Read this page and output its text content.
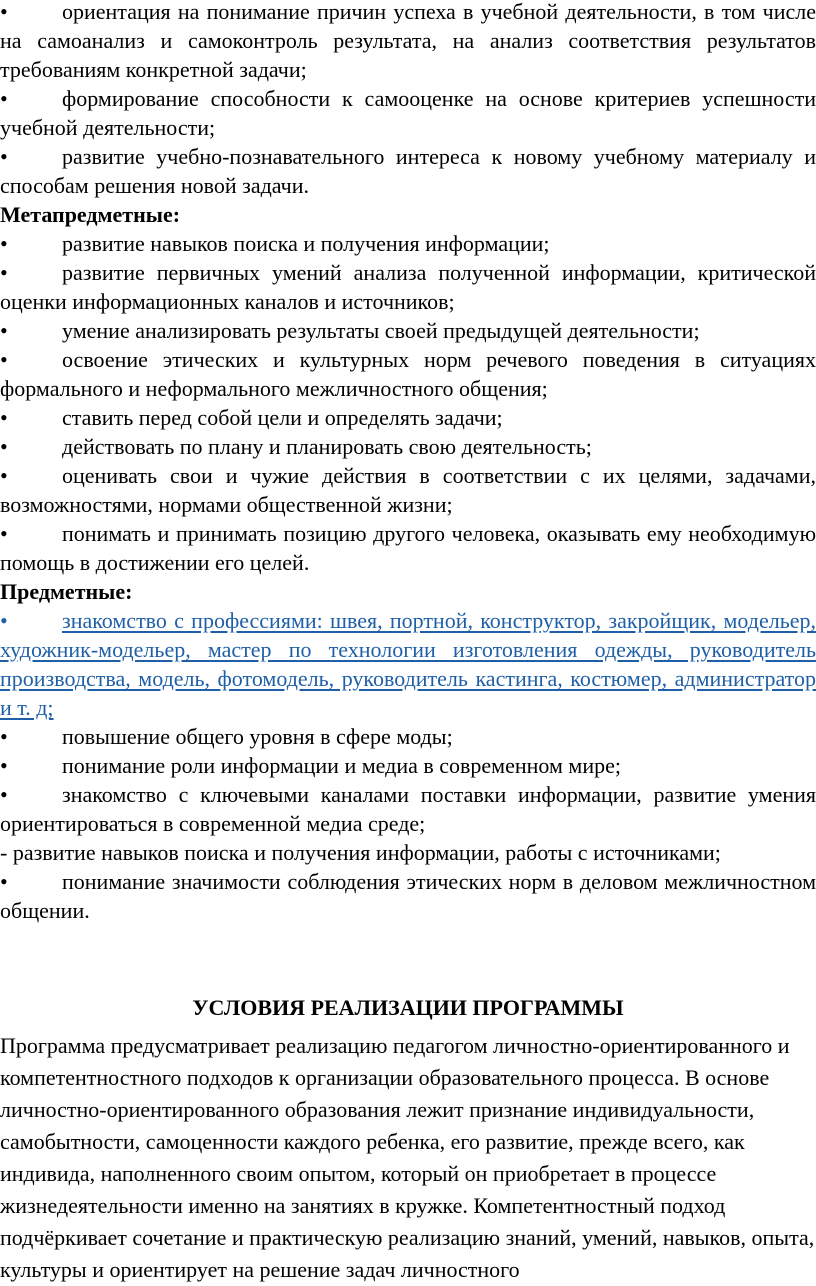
• ориентация на понимание причин успеха в учебной деятельности, в том числе на самоанализ и самоконтроль результата, на анализ соответствия результатов требованиям конкретной задачи;

• формирование способности к самооценке на основе критериев успешности учебной деятельности;

• развитие учебно-познавательного интереса к новому учебному материалу и способам решения новой задачи.

Метапредметные:

• развитие навыков поиска и получения информации;

• развитие первичных умений анализа полученной информации, критической оценки информационных каналов и источников;

• умение анализировать результаты своей предыдущей деятельности;

• освоение этических и культурных норм речевого поведения в ситуациях формального и неформального межличностного общения;

• ставить перед собой цели и определять задачи;

• действовать по плану и планировать свою деятельность;

• оценивать свои и чужие действия в соответствии с их целями, задачами, возможностями, нормами общественной жизни;

• понимать и принимать позицию другого человека, оказывать ему необходимую помощь в достижении его целей.

Предметные:

• знакомство с профессиями: швея, портной, конструктор, закройщик, модельер, художник-модельер, мастер по технологии изготовления одежды, руководитель производства, модель, фотомодель, руководитель кастинга, костюмер, администратор и т. д;

• повышение общего уровня в сфере моды;

• понимание роли информации и медиа в современном мире;

• знакомство с ключевыми каналами поставки информации, развитие умения ориентироваться в современной медиа среде;

- развитие навыков поиска и получения информации, работы с источниками;

• понимание значимости соблюдения этических норм в деловом межличностном общении.

УСЛОВИЯ РЕАЛИЗАЦИИ ПРОГРАММЫ

Программа предусматривает реализацию педагогом личностно-ориентированного и компетентностного подходов к организации образовательного процесса. В основе личностно-ориентированного образования лежит признание индивидуальности, самобытности, самоценности каждого ребенка, его развитие, прежде всего, как индивида, наполненного своим опытом, который он приобретает в процессе жизнедеятельности именно на занятиях в кружке. Компетентностный подход подчёркивает сочетание и практическую реализацию знаний, умений, навыков, опыта, культуры и ориентирует на решение задач личностного
